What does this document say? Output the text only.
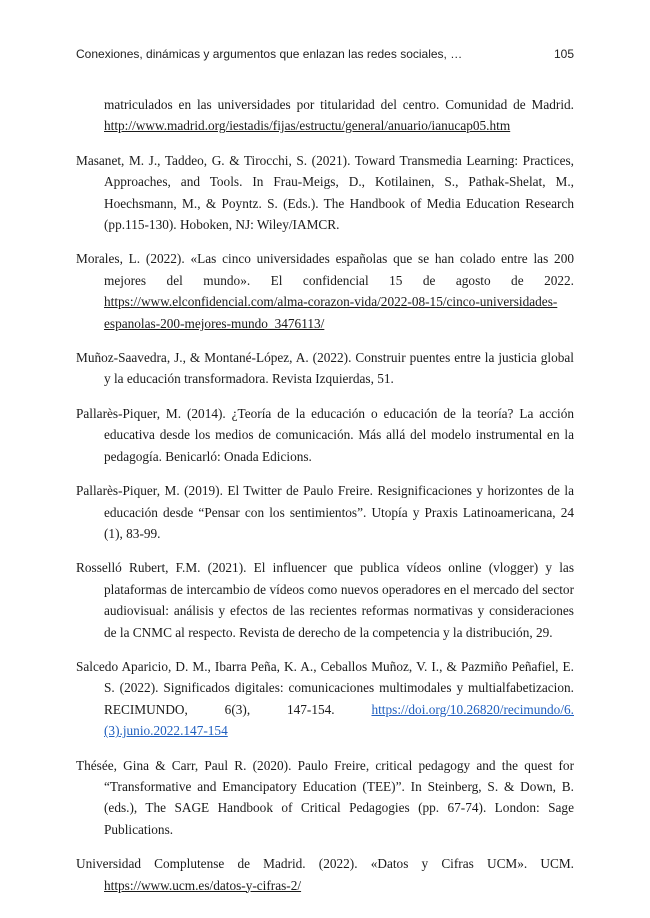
Conexiones, dinámicas y argumentos que enlazan las redes sociales, …	105

matriculados en las universidades por titularidad del centro. Comunidad de Madrid. http://www.madrid.org/iestadis/fijas/estructu/general/anuario/ianucap05.htm

Masanet, M. J., Taddeo, G. & Tirocchi, S. (2021). Toward Transmedia Learning: Practices, Approaches, and Tools. In Frau-Meigs, D., Kotilainen, S., Pathak-Shelat, M., Hoechsmann, M., & Poyntz. S. (Eds.). The Handbook of Media Education Research (pp.115-130). Hoboken, NJ: Wiley/IAMCR.

Morales, L. (2022). «Las cinco universidades españolas que se han colado entre las 200 mejores del mundo». El confidencial 15 de agosto de 2022. https://www.elconfidencial.com/alma-corazon-vida/2022-08-15/cinco-universidades-espanolas-200-mejores-mundo_3476113/

Muñoz-Saavedra, J., & Montané-López, A. (2022). Construir puentes entre la justicia global y la educación transformadora. Revista Izquierdas, 51.

Pallarès-Piquer, M. (2014). ¿Teoría de la educación o educación de la teoría? La acción educativa desde los medios de comunicación. Más allá del modelo instrumental en la pedagogía. Benicarló: Onada Edicions.

Pallarès-Piquer, M. (2019). El Twitter de Paulo Freire. Resignificaciones y horizontes de la educación desde “Pensar con los sentimientos”. Utopía y Praxis Latinoamericana, 24 (1), 83-99.

Rosselló Rubert, F.M. (2021). El influencer que publica vídeos online (vlogger) y las plataformas de intercambio de vídeos como nuevos operadores en el mercado del sector audiovisual: análisis y efectos de las recientes reformas normativas y consideraciones de la CNMC al respecto. Revista de derecho de la competencia y la distribución, 29.

Salcedo Aparicio, D. M., Ibarra Peña, K. A., Ceballos Muñoz, V. I., & Pazmiño Peñafiel, E. S. (2022). Significados digitales: comunicaciones multimodales y multialfabetizacion. RECIMUNDO, 6(3), 147-154. https://doi.org/10.26820/recimundo/6.(3).junio.2022.147-154

Thésée, Gina & Carr, Paul R. (2020). Paulo Freire, critical pedagogy and the quest for “Transformative and Emancipatory Education (TEE)”. In Steinberg, S. & Down, B. (eds.), The SAGE Handbook of Critical Pedagogies (pp. 67-74). London: Sage Publications.

Universidad Complutense de Madrid. (2022). «Datos y Cifras UCM». UCM. https://www.ucm.es/datos-y-cifras-2/
